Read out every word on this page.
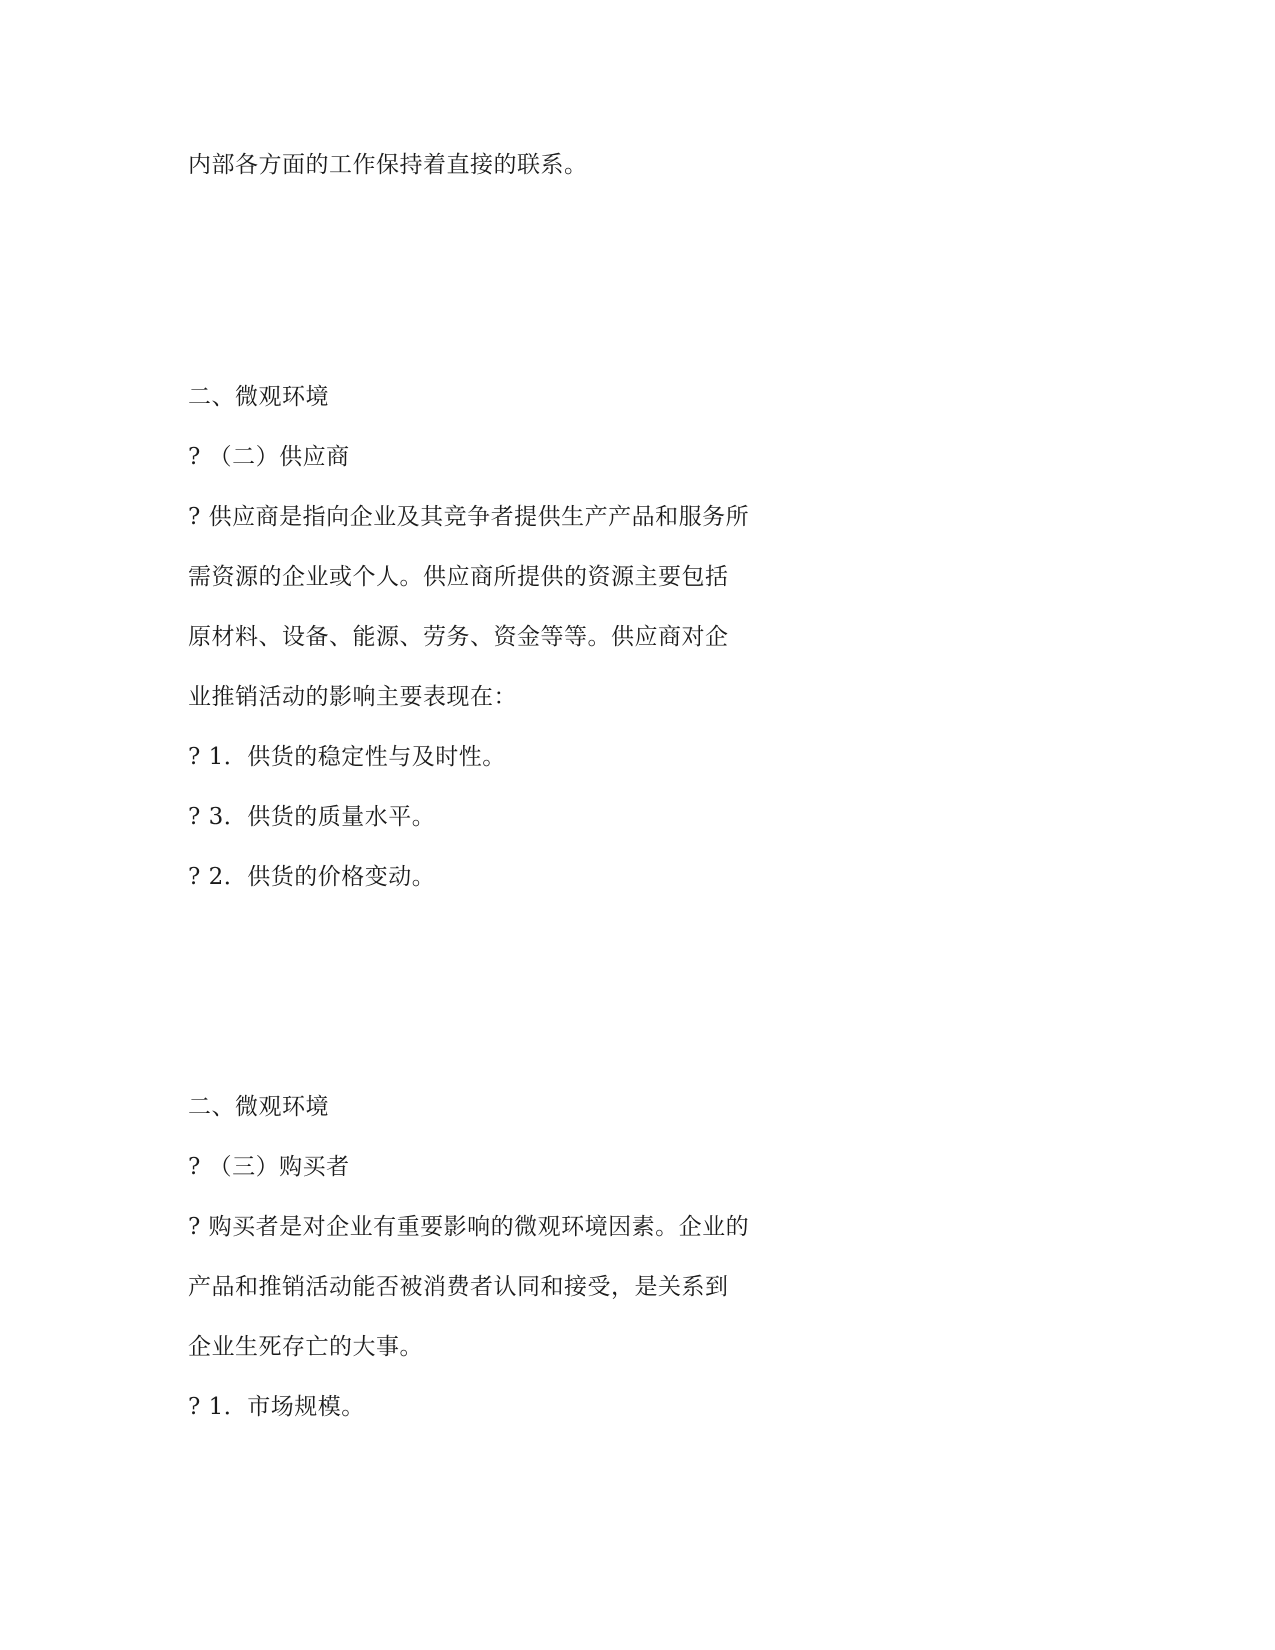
内部各方面的工作保持着直接的联系。
二、微观环境
? （二）供应商
? 供应商是指向企业及其竞争者提供生产产品和服务所
需资源的企业或个人。供应商所提供的资源主要包括
原材料、设备、能源、劳务、资金等等。供应商对企
业推销活动的影响主要表现在：
? 1．供货的稳定性与及时性。
? 3．供货的质量水平。
? 2．供货的价格变动。
二、微观环境
? （三）购买者
? 购买者是对企业有重要影响的微观环境因素。企业的
产品和推销活动能否被消费者认同和接受，是关系到
企业生死存亡的大事。
? 1．市场规模。
